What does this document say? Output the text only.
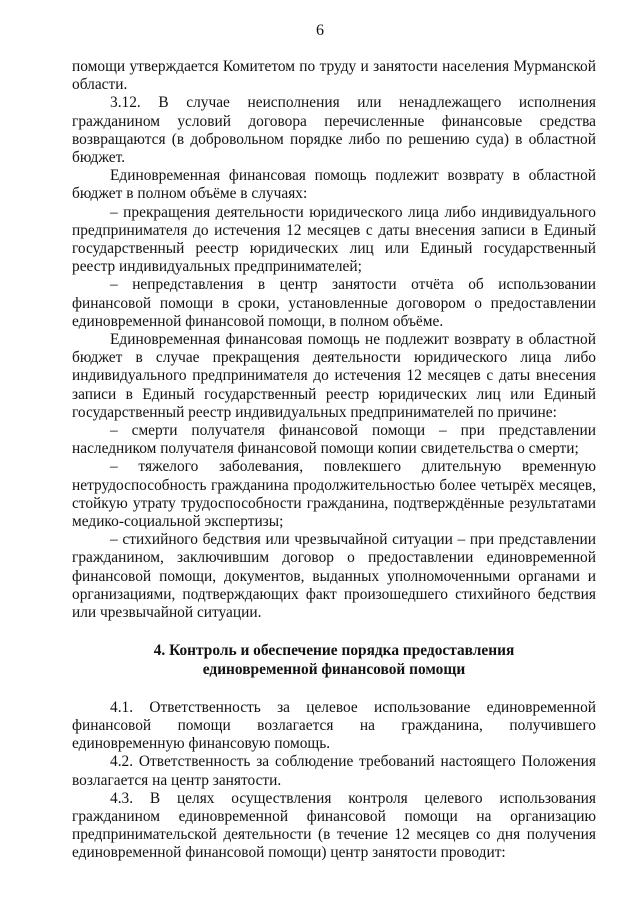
6

помощи утверждается Комитетом по труду и занятости населения Мурманской области.

3.12. В случае неисполнения или ненадлежащего исполнения гражданином условий договора перечисленные финансовые средства возвращаются (в добровольном порядке либо по решению суда) в областной бюджет.

Единовременная финансовая помощь подлежит возврату в областной бюджет в полном объёме в случаях:

– прекращения деятельности юридического лица либо индивидуального предпринимателя до истечения 12 месяцев с даты внесения записи в Единый государственный реестр юридических лиц или Единый государственный реестр индивидуальных предпринимателей;

– непредставления в центр занятости отчёта об использовании финансовой помощи в сроки, установленные договором о предоставлении единовременной финансовой помощи, в полном объёме.

Единовременная финансовая помощь не подлежит возврату в областной бюджет в случае прекращения деятельности юридического лица либо индивидуального предпринимателя до истечения 12 месяцев с даты внесения записи в Единый государственный реестр юридических лиц или Единый государственный реестр индивидуальных предпринимателей по причине:

– смерти получателя финансовой помощи – при представлении наследником получателя финансовой помощи копии свидетельства о смерти;

– тяжелого заболевания, повлекшего длительную временную нетрудоспособность гражданина продолжительностью более четырёх месяцев, стойкую утрату трудоспособности гражданина, подтверждённые результатами медико-социальной экспертизы;

– стихийного бедствия или чрезвычайной ситуации – при представлении гражданином, заключившим договор о предоставлении единовременной финансовой помощи, документов, выданных уполномоченными органами и организациями, подтверждающих факт произошедшего стихийного бедствия или чрезвычайной ситуации.

4. Контроль и обеспечение порядка предоставления
единовременной финансовой помощи

4.1. Ответственность за целевое использование единовременной финансовой помощи возлагается на гражданина, получившего единовременную финансовую помощь.

4.2. Ответственность за соблюдение требований настоящего Положения возлагается на центр занятости.

4.3. В целях осуществления контроля целевого использования гражданином единовременной финансовой помощи на организацию предпринимательской деятельности (в течение 12 месяцев со дня получения единовременной финансовой помощи) центр занятости проводит:
